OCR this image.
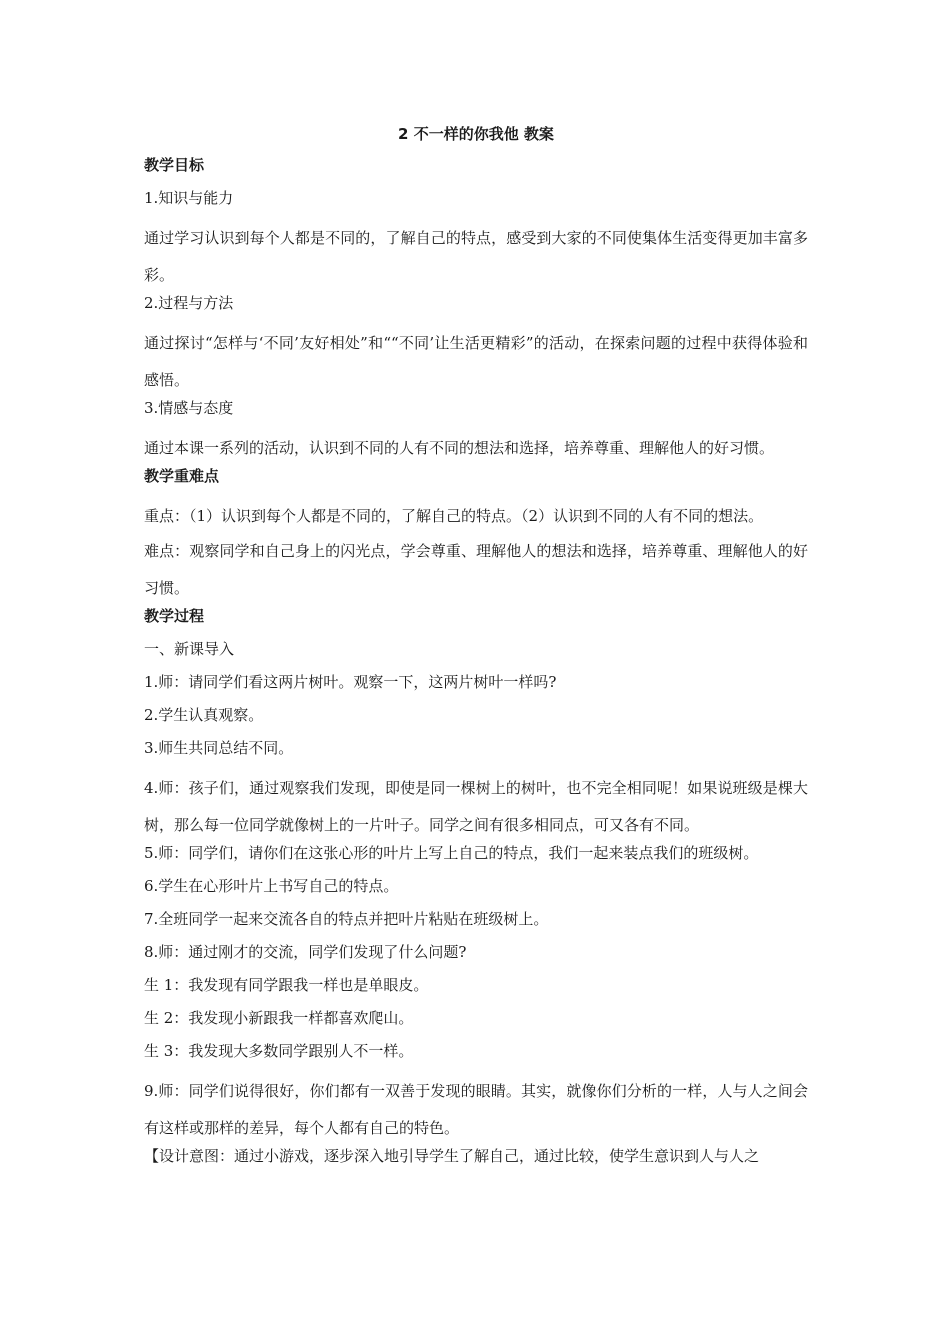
2 不一样的你我他 教案
教学目标
1.知识与能力
通过学习认识到每个人都是不同的，了解自己的特点，感受到大家的不同使集体生活变得更加丰富多彩。
2.过程与方法
通过探讨“怎样与‘不同’友好相处”和““不同’让生活更精彩”的活动，在探索问题的过程中获得体验和感悟。
3.情感与态度
通过本课一系列的活动，认识到不同的人有不同的想法和选择，培养尊重、理解他人的好习惯。
教学重难点
重点：（1）认识到每个人都是不同的，了解自己的特点。（2）认识到不同的人有不同的想法。
难点：观察同学和自己身上的闪光点，学会尊重、理解他人的想法和选择，培养尊重、理解他人的好习惯。
教学过程
一、新课导入
1.师：请同学们看这两片树叶。观察一下，这两片树叶一样吗?
2.学生认真观察。
3.师生共同总结不同。
4.师：孩子们，通过观察我们发现，即使是同一棵树上的树叶，也不完全相同呢！如果说班级是棵大树，那么每一位同学就像树上的一片叶子。同学之间有很多相同点，可又各有不同。
5.师：同学们，请你们在这张心形的叶片上写上自己的特点，我们一起来装点我们的班级树。
6.学生在心形叶片上书写自己的特点。
7.全班同学一起来交流各自的特点并把叶片粘贴在班级树上。
8.师：通过刚才的交流，同学们发现了什么问题?
生 1：我发现有同学跟我一样也是单眼皮。
生 2：我发现小新跟我一样都喜欢爬山。
生 3：我发现大多数同学跟别人不一样。
9.师：同学们说得很好，你们都有一双善于发现的眼睛。其实，就像你们分析的一样，人与人之间会有这样或那样的差异，每个人都有自己的特色。
【设计意图：通过小游戏，逐步深入地引导学生了解自己，通过比较，使学生意识到人与人之
